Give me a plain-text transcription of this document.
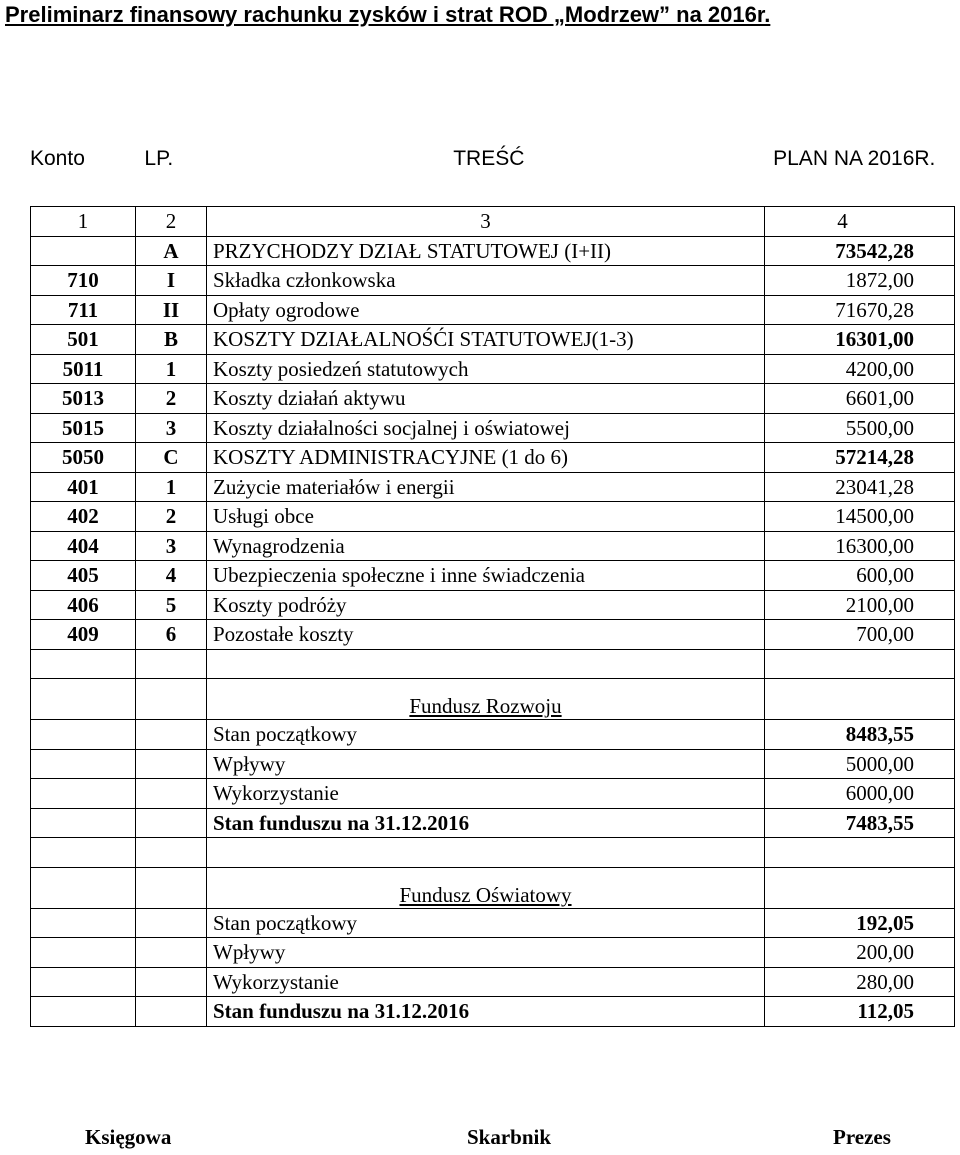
Preliminarz finansowy rachunku zysków i strat ROD „Modrzew” na 2016r.
Konto	LP.	TREŚĆ	PLAN NA 2016R.
1	2	3	4
	A	PRZYCHODZY DZIAŁ STATUTOWEJ (I+II)	73542,28
710	I	Składka członkowska	1872,00
711	II	Opłaty ogrodowe	71670,28
501	B	KOSZTY DZIAŁALNOŚĆI STATUTOWEJ(1-3)	16301,00
5011	1	Koszty posiedzeń statutowych	4200,00
5013	2	Koszty działań aktywu	6601,00
5015	3	Koszty działalności socjalnej i oświatowej	5500,00
5050	C	KOSZTY ADMINISTRACYJNE (1 do 6)	57214,28
401	1	Zużycie materiałów i energii	23041,28
402	2	Usługi obce	14500,00
404	3	Wynagrodzenia	16300,00
405	4	Ubezpieczenia społeczne i inne świadczenia	600,00
406	5	Koszty podróży	2100,00
409	6	Pozostałe koszty	700,00

		Fundusz Rozwoju	
		Stan początkowy	8483,55
		Wpływy	5000,00
		Wykorzystanie	6000,00
		Stan funduszu na 31.12.2016	7483,55

		Fundusz Oświatowy	
		Stan początkowy	192,05
		Wpływy	200,00
		Wykorzystanie	280,00
		Stan funduszu na 31.12.2016	112,05
Księgowa	Skarbnik	Prezes
